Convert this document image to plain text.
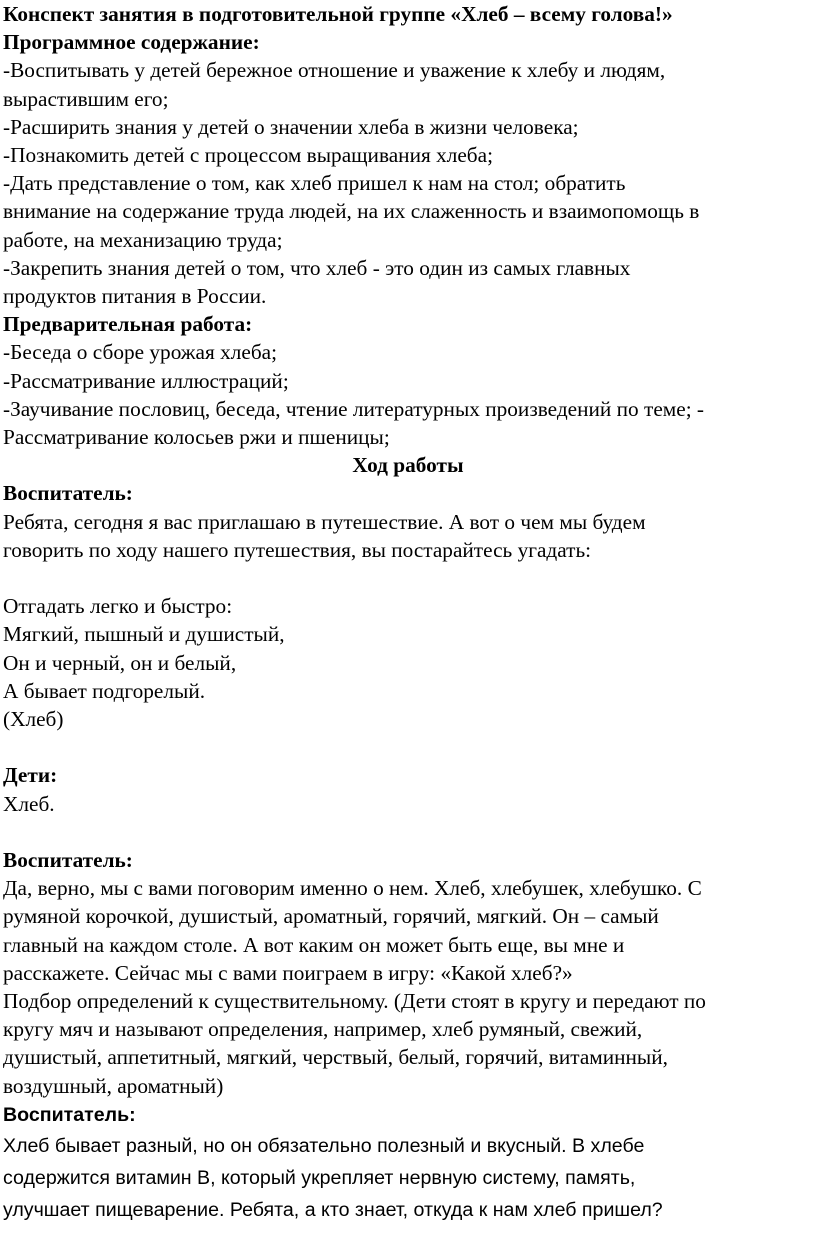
Конспект занятия в подготовительной группе «Хлеб – всему голова!»
Программное содержание:
-Воспитывать у детей бережное отношение и уважение к хлебу и людям,
вырастившим его;
-Расширить знания у детей о значении хлеба в жизни человека;
-Познакомить детей с процессом выращивания хлеба;
-Дать представление о том, как хлеб пришел к нам на стол; обратить
внимание на содержание труда людей, на их слаженность и взаимопомощь в
работе, на механизацию труда;
-Закрепить знания детей о том, что хлеб - это один из самых главных
продуктов питания в России.
Предварительная работа:
-Беседа о сборе урожая хлеба;
-Рассматривание иллюстраций;
-Заучивание пословиц, беседа, чтение литературных произведений по теме; -
Рассматривание колосьев ржи и пшеницы;
Ход работы
Воспитатель:
Ребята, сегодня я вас приглашаю в путешествие. А вот о чем мы будем
говорить по ходу нашего путешествия, вы постарайтесь угадать:
Отгадать легко и быстро:
Мягкий, пышный и душистый,
Он и черный, он и белый,
А бывает подгорелый.
(Хлеб)
Дети:
Хлеб.
Воспитатель:
Да, верно, мы с вами поговорим именно о нем. Хлеб, хлебушек, хлебушко. С
румяной корочкой, душистый, ароматный, горячий, мягкий. Он – самый
главный на каждом столе. А вот каким он может быть еще, вы мне и
расскажете. Сейчас мы с вами поиграем в игру: «Какой хлеб?»
Подбор определений к существительному. (Дети стоят в кругу и передают по
кругу мяч и называют определения, например, хлеб румяный, свежий,
душистый, аппетитный, мягкий, черствый, белый, горячий, витаминный,
воздушный, ароматный)
Воспитатель:
Хлеб бывает разный, но он обязательно полезный и вкусный. В хлебе
содержится витамин В, который укрепляет нервную систему, память,
улучшает пищеварение. Ребята, а кто знает, откуда к нам хлеб пришел?
